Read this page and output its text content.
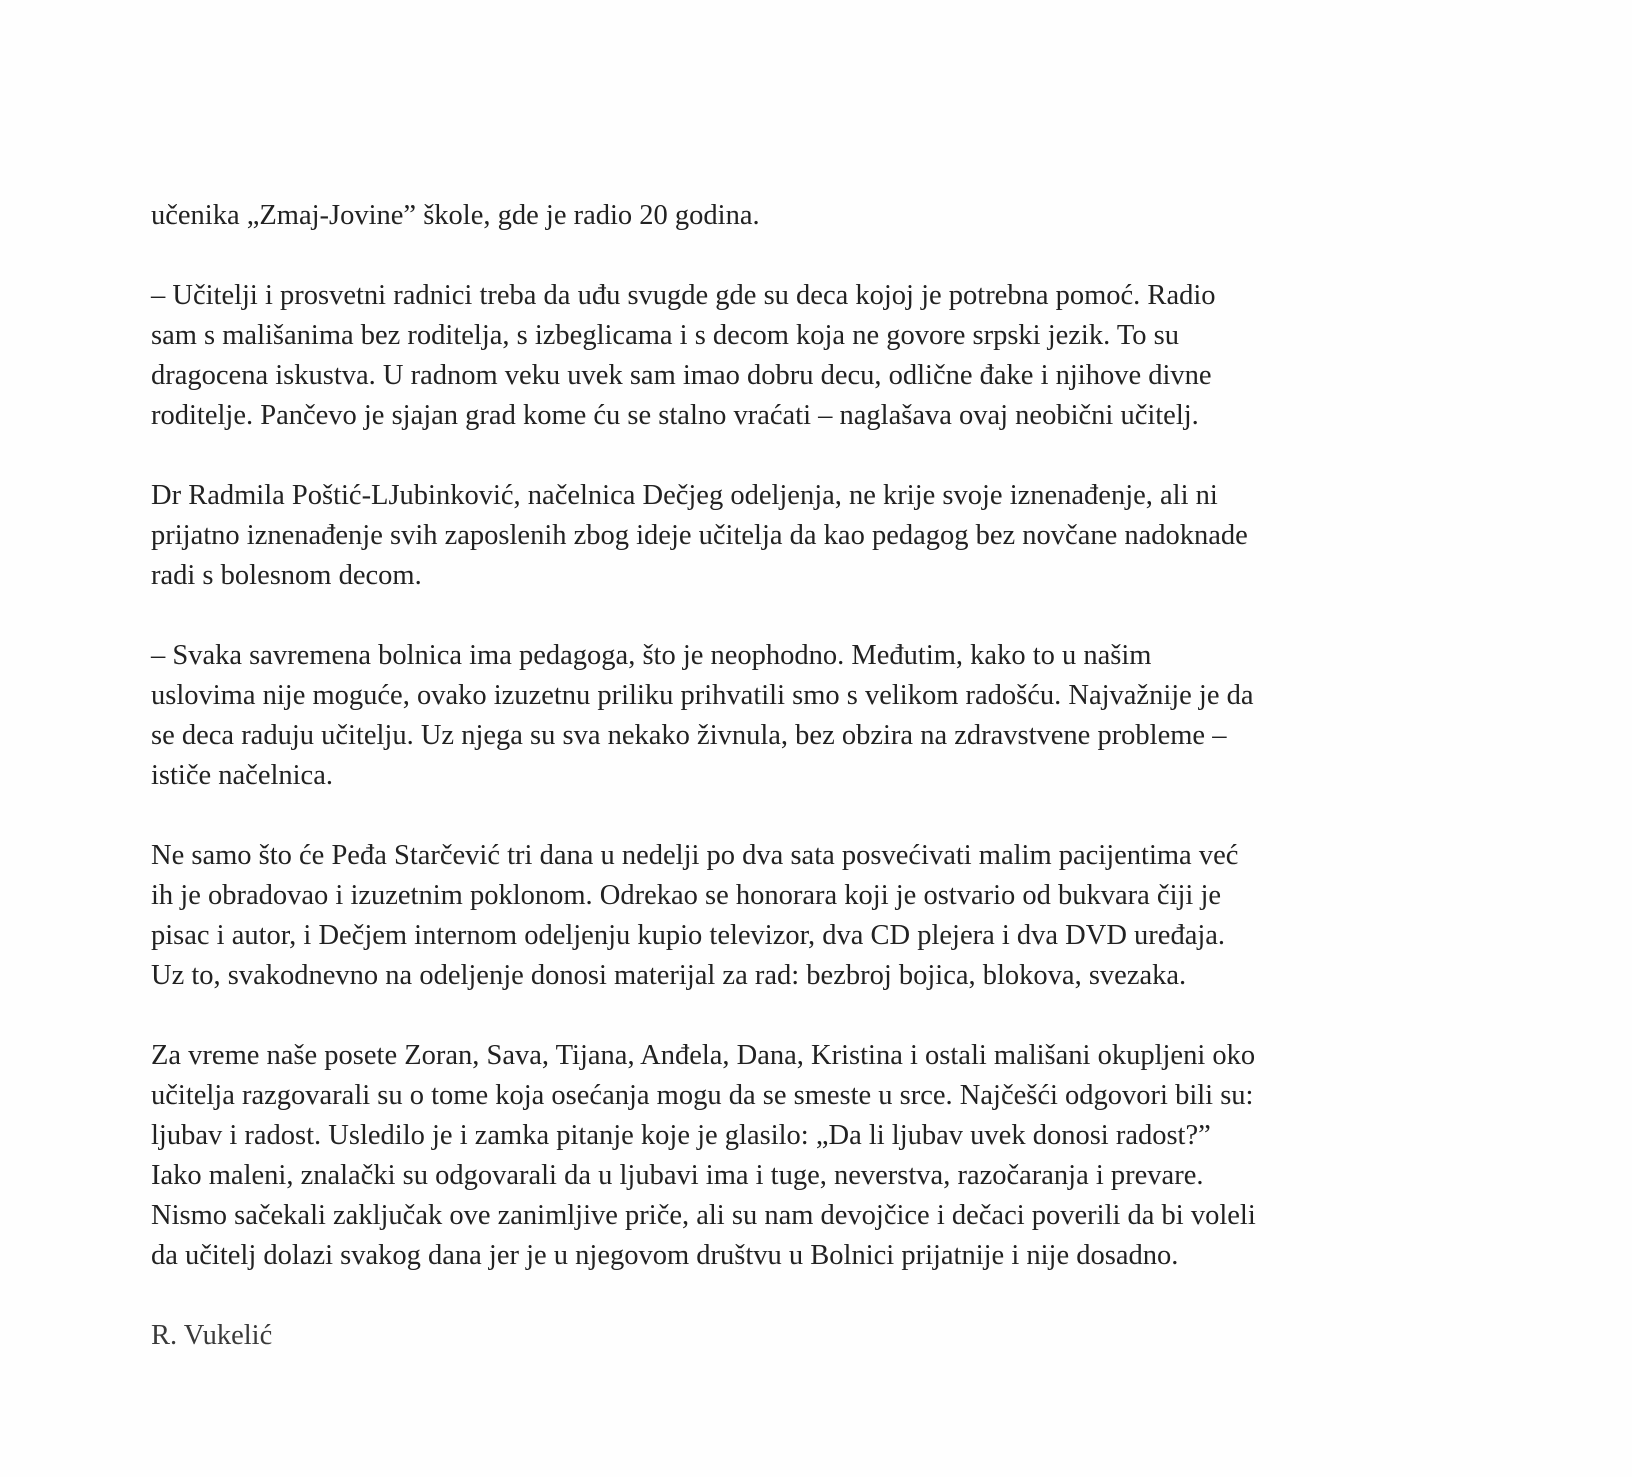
učenika „Zmaj-Jovine” škole, gde je radio 20 godina.

– Učitelji i prosvetni radnici treba da uđu svugde gde su deca kojoj je potrebna pomoć. Radio
sam s mališanima bez roditelja, s izbeglicama i s decom koja ne govore srpski jezik. To su
dragocena iskustva. U radnom veku uvek sam imao dobru decu, odlične đake i njihove divne
roditelje. Pančevo je sjajan grad kome ću se stalno vraćati – naglašava ovaj neobični učitelj.

Dr Radmila Poštić-LJubinković, načelnica Dečjeg odeljenja, ne krije svoje iznenađenje, ali ni
prijatno iznenađenje svih zaposlenih zbog ideje učitelja da kao pedagog bez novčane nadoknade
radi s bolesnom decom.

– Svaka savremena bolnica ima pedagoga, što je neophodno. Međutim, kako to u našim
uslovima nije moguće, ovako izuzetnu priliku prihvatili smo s velikom radošću. Najvažnije je da
se deca raduju učitelju. Uz njega su sva nekako živnula, bez obzira na zdravstvene probleme –
ističe načelnica.

Ne samo što će Peđa Starčević tri dana u nedelji po dva sata posvećivati malim pacijentima već
ih je obradovao i izuzetnim poklonom. Odrekao se honorara koji je ostvario od bukvara čiji je
pisac i autor, i Dečjem internom odeljenju kupio televizor, dva CD plejera i dva DVD uređaja.
Uz to, svakodnevno na odeljenje donosi materijal za rad: bezbroj bojica, blokova, svezaka.

Za vreme naše posete Zoran, Sava, Tijana, Anđela, Dana, Kristina i ostali mališani okupljeni oko
učitelja razgovarali su o tome koja osećanja mogu da se smeste u srce. Najčešći odgovori bili su:
ljubav i radost. Usledilo je i zamka pitanje koje je glasilo: „Da li ljubav uvek donosi radost?”
Iako maleni, znalački su odgovarali da u ljubavi ima i tuge, neverstva, razočaranja i prevare.
Nismo sačekali zaključak ove zanimljive priče, ali su nam devojčice i dečaci poverili da bi voleli
da učitelj dolazi svakog dana jer je u njegovom društvu u Bolnici prijatnije i nije dosadno.

R. Vukelić
